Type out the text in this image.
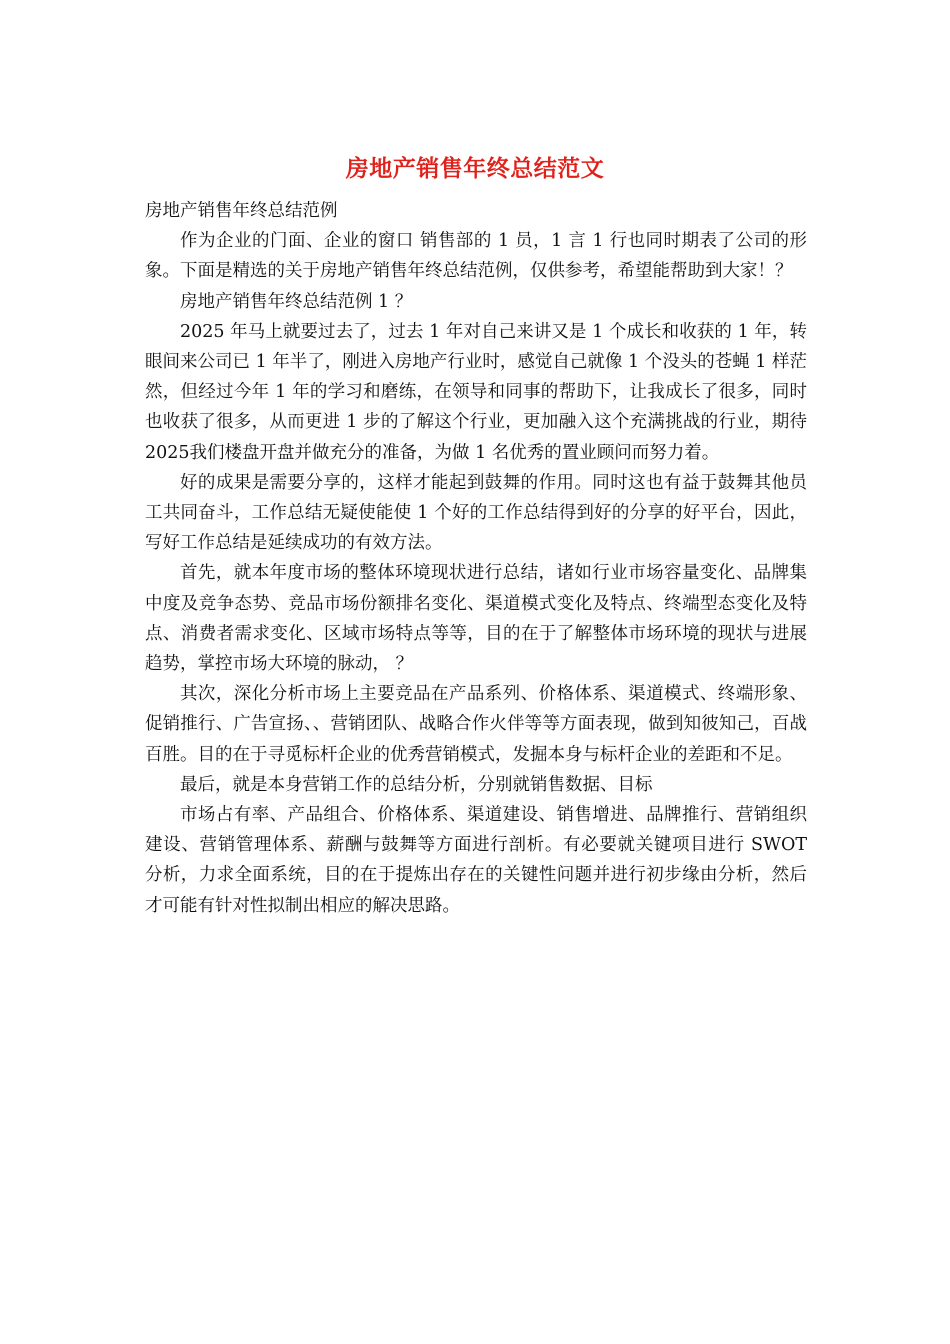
房地产销售年终总结范文

房地产销售年终总结范例

作为企业的门面、企业的窗口 销售部的 1 员，1 言 1 行也同时期表了公司的形象。下面是精选的关于房地产销售年终总结范例，仅供参考，希望能帮助到大家！？

房地产销售年终总结范例 1 ？

2025 年马上就要过去了，过去 1 年对自己来讲又是 1 个成长和收获的 1 年，转眼间来公司已 1 年半了，刚进入房地产行业时，感觉自己就像 1 个没头的苍蝇 1 样茫然，但经过今年 1 年的学习和磨练，在领导和同事的帮助下，让我成长了很多，同时也收获了很多，从而更进 1 步的了解这个行业，更加融入这个充满挑战的行业，期待 2025我们楼盘开盘并做充分的准备，为做 1 名优秀的置业顾问而努力着。

好的成果是需要分享的，这样才能起到鼓舞的作用。同时这也有益于鼓舞其他员工共同奋斗，工作总结无疑使能使 1 个好的工作总结得到好的分享的好平台，因此，写好工作总结是延续成功的有效方法。

首先，就本年度市场的整体环境现状进行总结，诸如行业市场容量变化、品牌集中度及竞争态势、竞品市场份额排名变化、渠道模式变化及特点、终端型态变化及特点、消费者需求变化、区域市场特点等等，目的在于了解整体市场环境的现状与进展趋势，掌控市场大环境的脉动， ？

其次，深化分析市场上主要竞品在产品系列、价格体系、渠道模式、终端形象、促销推行、广告宣扬、、营销团队、战略合作火伴等等方面表现，做到知彼知己，百战百胜。目的在于寻觅标杆企业的优秀营销模式，发掘本身与标杆企业的差距和不足。

最后，就是本身营销工作的总结分析，分别就销售数据、目标

市场占有率、产品组合、价格体系、渠道建设、销售增进、品牌推行、营销组织建设、营销管理体系、薪酬与鼓舞等方面进行剖析。有必要就关键项目进行 SWOT 分析，力求全面系统，目的在于提炼出存在的关键性问题并进行初步缘由分析，然后才可能有针对性拟制出相应的解决思路。
